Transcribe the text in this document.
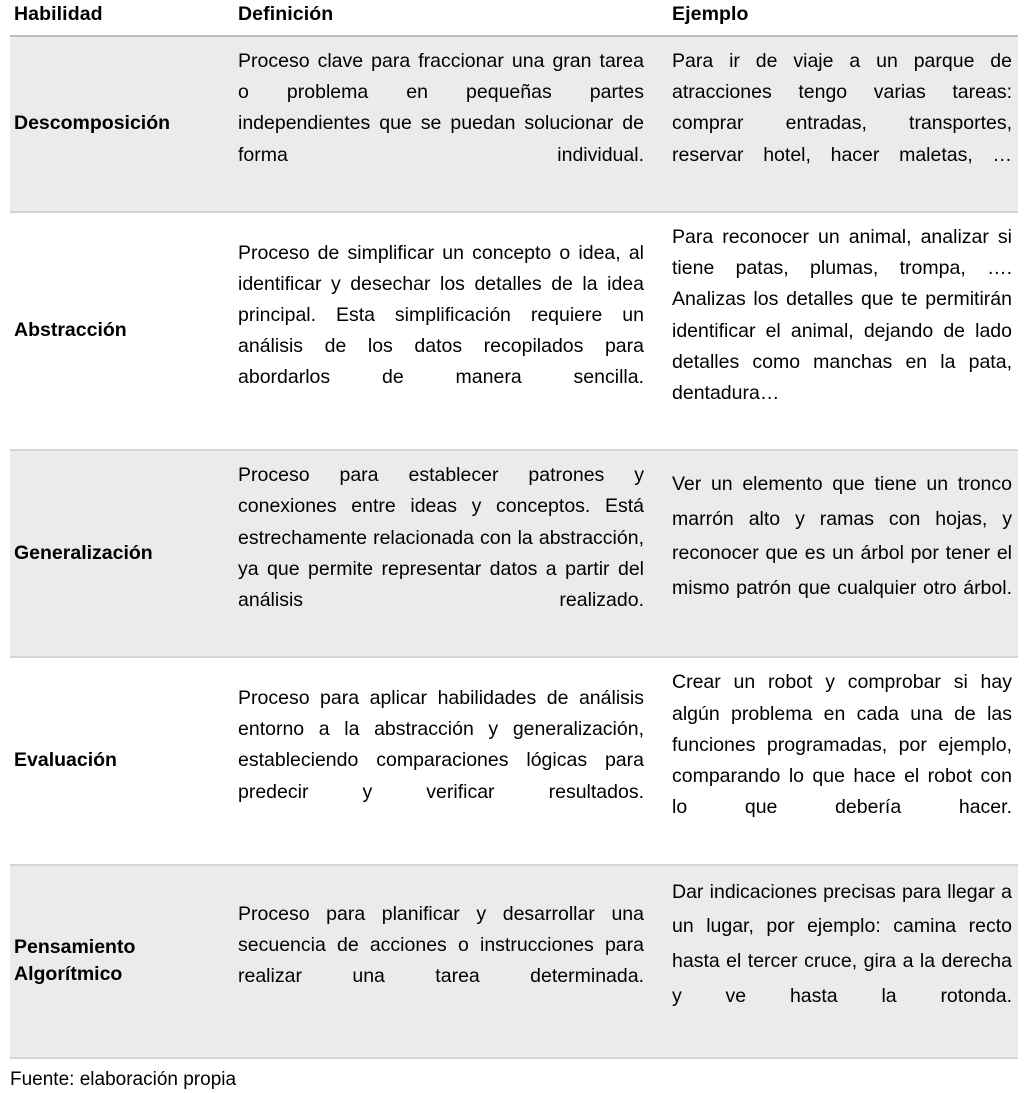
Habilidad	Definición	Ejemplo
Descomposición	Proceso clave para fraccionar una gran tarea o problema en pequeñas partes independientes que se puedan solucionar de forma individual.	Para ir de viaje a un parque de atracciones tengo varias tareas: comprar entradas, transportes, reservar hotel, hacer maletas, …

Abstracción	Proceso de simplificar un concepto o idea, al identificar y desechar los detalles de la idea principal. Esta simplificación requiere un análisis de los datos recopilados para abordarlos de manera sencilla.	Para reconocer un animal, analizar si tiene patas, plumas, trompa, …. Analizas los detalles que te permitirán identificar el animal, dejando de lado detalles como manchas en la pata, dentadura…

Generalización	Proceso para establecer patrones y conexiones entre ideas y conceptos. Está estrechamente relacionada con la abstracción, ya que permite representar datos a partir del análisis realizado.	Ver un elemento que tiene un tronco marrón alto y ramas con hojas, y reconocer que es un árbol por tener el mismo patrón que cualquier otro árbol.

Evaluación	Proceso para aplicar habilidades de análisis entorno a la abstracción y generalización, estableciendo comparaciones lógicas para predecir y verificar resultados.	Crear un robot y comprobar si hay algún problema en cada una de las funciones programadas, por ejemplo, comparando lo que hace el robot con lo que debería hacer.

Pensamiento Algorítmico	Proceso para planificar y desarrollar una secuencia de acciones o instrucciones para realizar una tarea determinada.	Dar indicaciones precisas para llegar a un lugar, por ejemplo: camina recto hasta el tercer cruce, gira a la derecha y ve hasta la rotonda.

Fuente: elaboración propia
